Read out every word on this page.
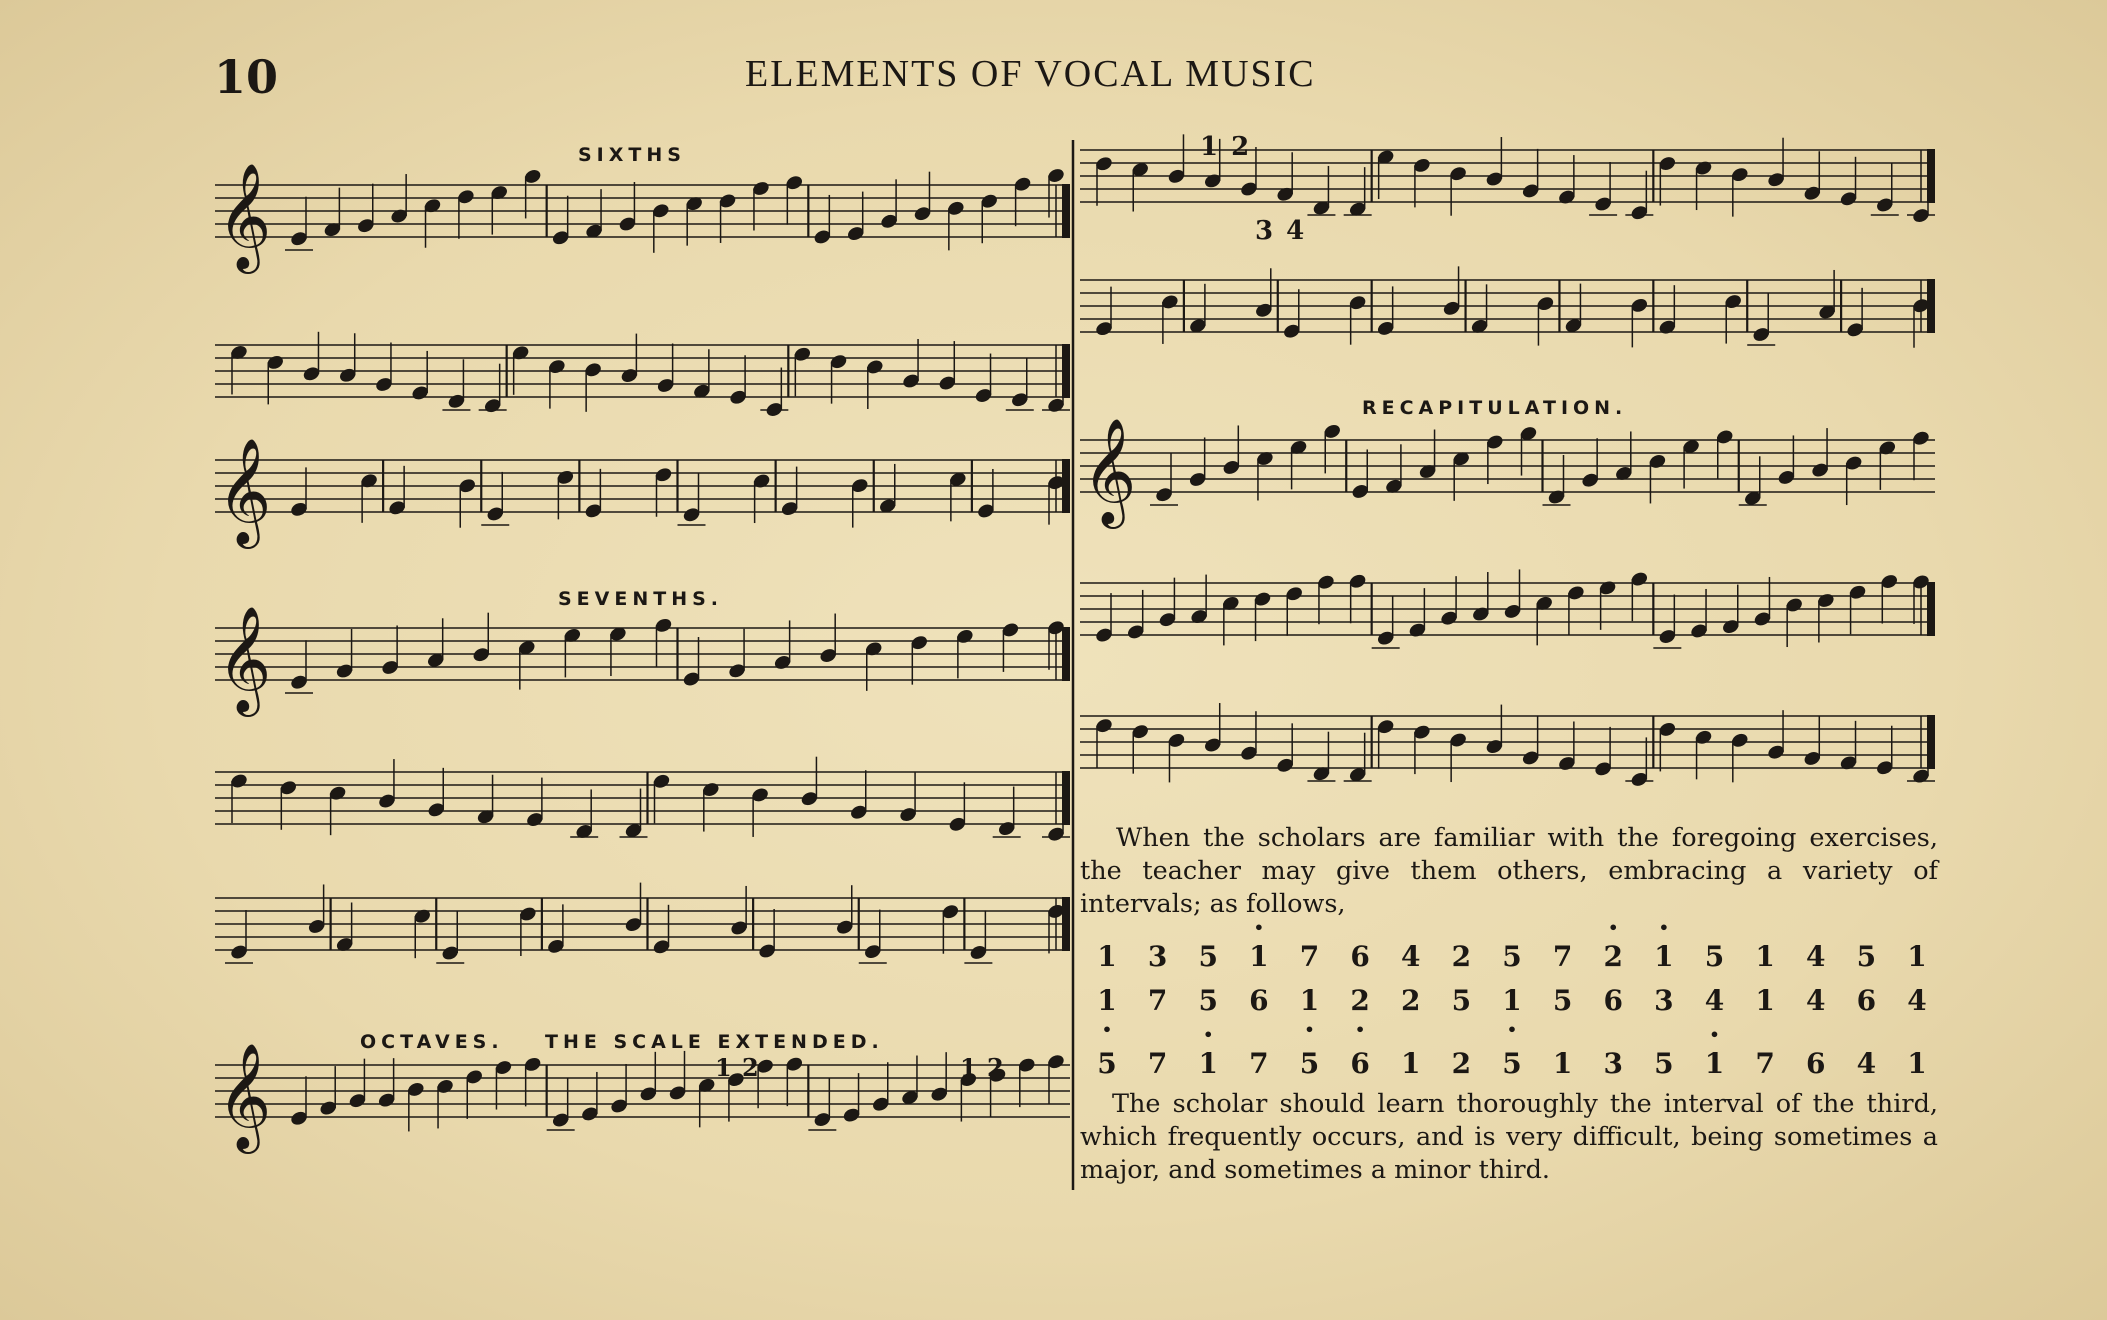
𝄞
𝄞
𝄞
𝄞
𝄞
10	ELEMENTS OF VOCAL MUSIC
SIXTHS
SEVENTHS.
OCTAVES. THE SCALE EXTENDED.
RECAPITULATION.
1 2
3 4
1 2	1 2
When the scholars are familiar with the foregoing exercises, the teacher may give them others, embracing a variety of intervals; as follows,
1 3 5 • 1 7 6 4 2 5 7 • 2 • 1 5 1 4 5 1
1 • 7 5 6 1 • 2 • 2 5 1 • 5 6 3 4 1 4 6 4
5 7 • 1 7 5 6 1 2 5 1 3 5 • 1 7 6 4 1
The scholar should learn thoroughly the interval of the third, which frequently occurs, and is very difficult, being sometimes a major, and sometimes a minor third.
